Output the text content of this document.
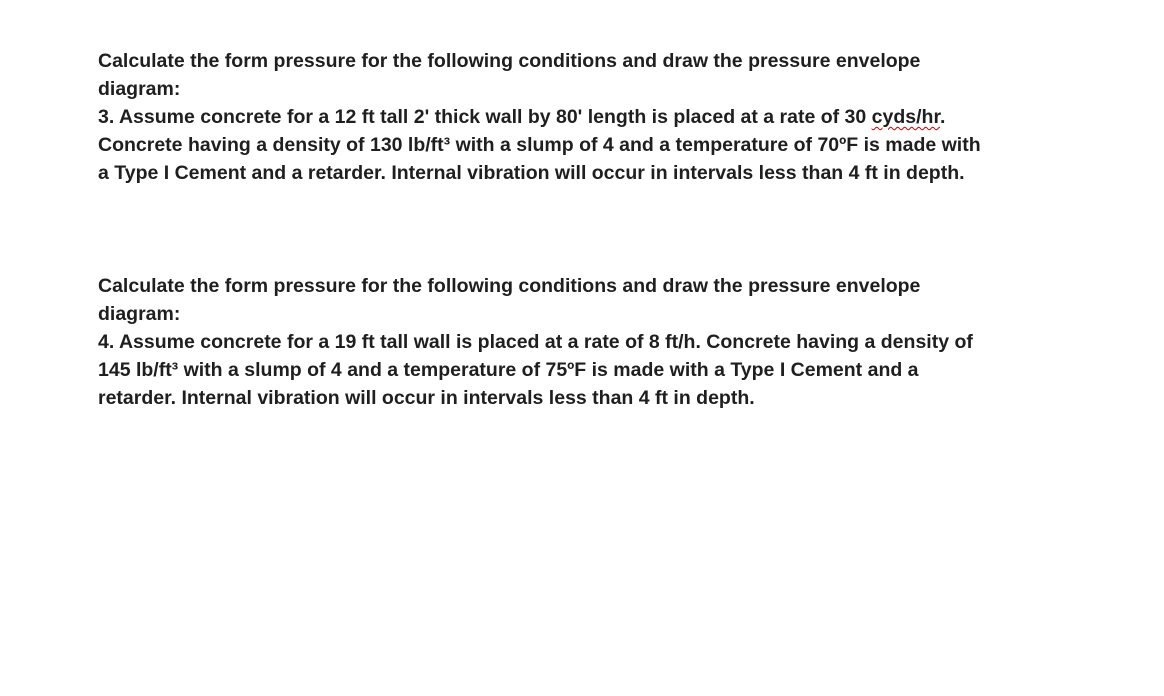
Calculate the form pressure for the following conditions and draw the pressure envelope
diagram:
3. Assume concrete for a 12 ft tall 2' thick wall by 80' length is placed at a rate of 30 cyds/hr.
Concrete having a density of 130 lb/ft³ with a slump of 4 and a temperature of 70ºF is made with
a Type I Cement and a retarder. Internal vibration will occur in intervals less than 4 ft in depth.
Calculate the form pressure for the following conditions and draw the pressure envelope
diagram:
4. Assume concrete for a 19 ft tall wall is placed at a rate of 8 ft/h. Concrete having a density of
145 lb/ft³ with a slump of 4 and a temperature of 75ºF is made with a Type I Cement and a
retarder. Internal vibration will occur in intervals less than 4 ft in depth.
